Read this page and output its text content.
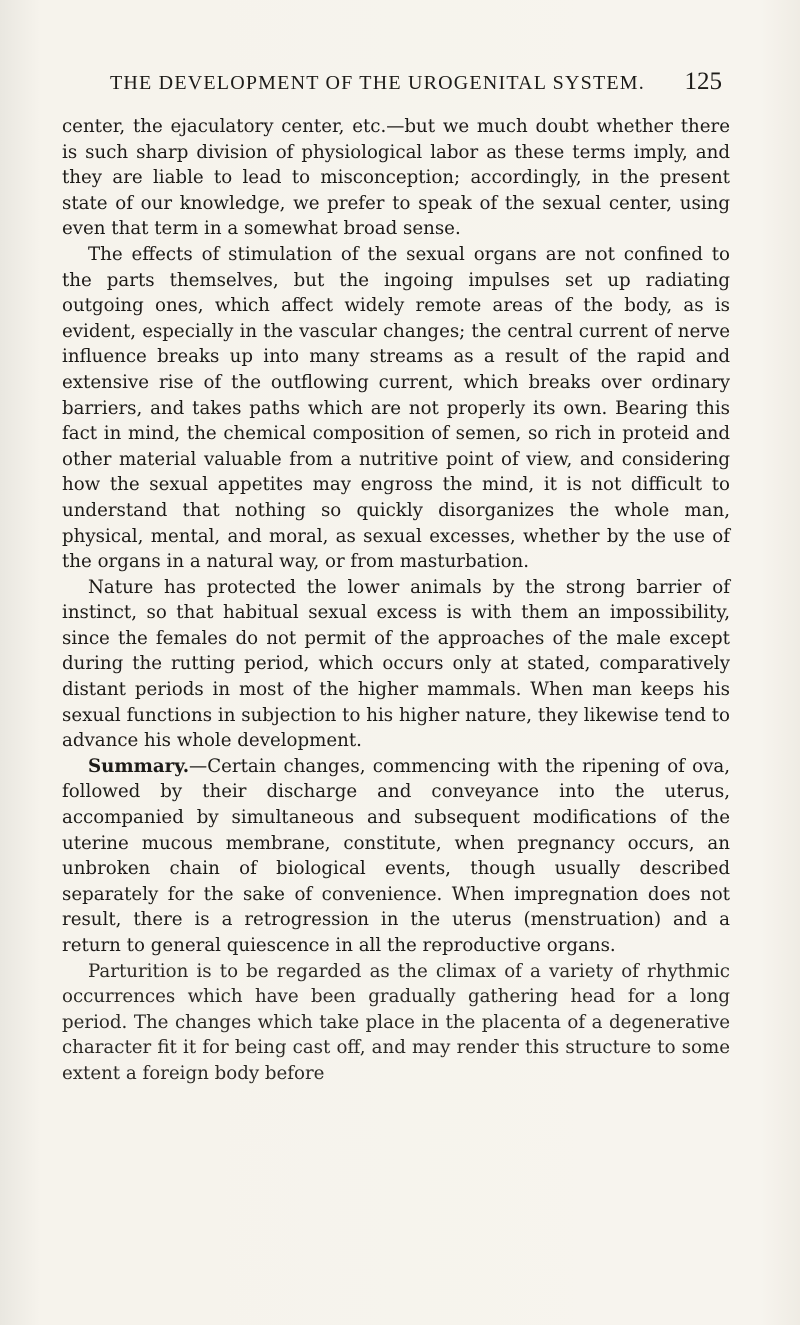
THE DEVELOPMENT OF THE UROGENITAL SYSTEM. 125

center, the ejaculatory center, etc.—but we much doubt whether there is such sharp division of physiological labor as these terms imply, and they are liable to lead to misconception; accordingly, in the present state of our knowledge, we prefer to speak of the sexual center, using even that term in a somewhat broad sense.

The effects of stimulation of the sexual organs are not confined to the parts themselves, but the ingoing impulses set up radiating outgoing ones, which affect widely remote areas of the body, as is evident, especially in the vascular changes; the central current of nerve influence breaks up into many streams as a result of the rapid and extensive rise of the outflowing current, which breaks over ordinary barriers, and takes paths which are not properly its own. Bearing this fact in mind, the chemical composition of semen, so rich in proteid and other material valuable from a nutritive point of view, and considering how the sexual appetites may engross the mind, it is not difficult to understand that nothing so quickly disorganizes the whole man, physical, mental, and moral, as sexual excesses, whether by the use of the organs in a natural way, or from masturbation.

Nature has protected the lower animals by the strong barrier of instinct, so that habitual sexual excess is with them an impossibility, since the females do not permit of the approaches of the male except during the rutting period, which occurs only at stated, comparatively distant periods in most of the higher mammals. When man keeps his sexual functions in subjection to his higher nature, they likewise tend to advance his whole development.

Summary.—Certain changes, commencing with the ripening of ova, followed by their discharge and conveyance into the uterus, accompanied by simultaneous and subsequent modifications of the uterine mucous membrane, constitute, when pregnancy occurs, an unbroken chain of biological events, though usually described separately for the sake of convenience. When impregnation does not result, there is a retrogression in the uterus (menstruation) and a return to general quiescence in all the reproductive organs.

Parturition is to be regarded as the climax of a variety of rhythmic occurrences which have been gradually gathering head for a long period. The changes which take place in the placenta of a degenerative character fit it for being cast off, and may render this structure to some extent a foreign body before
